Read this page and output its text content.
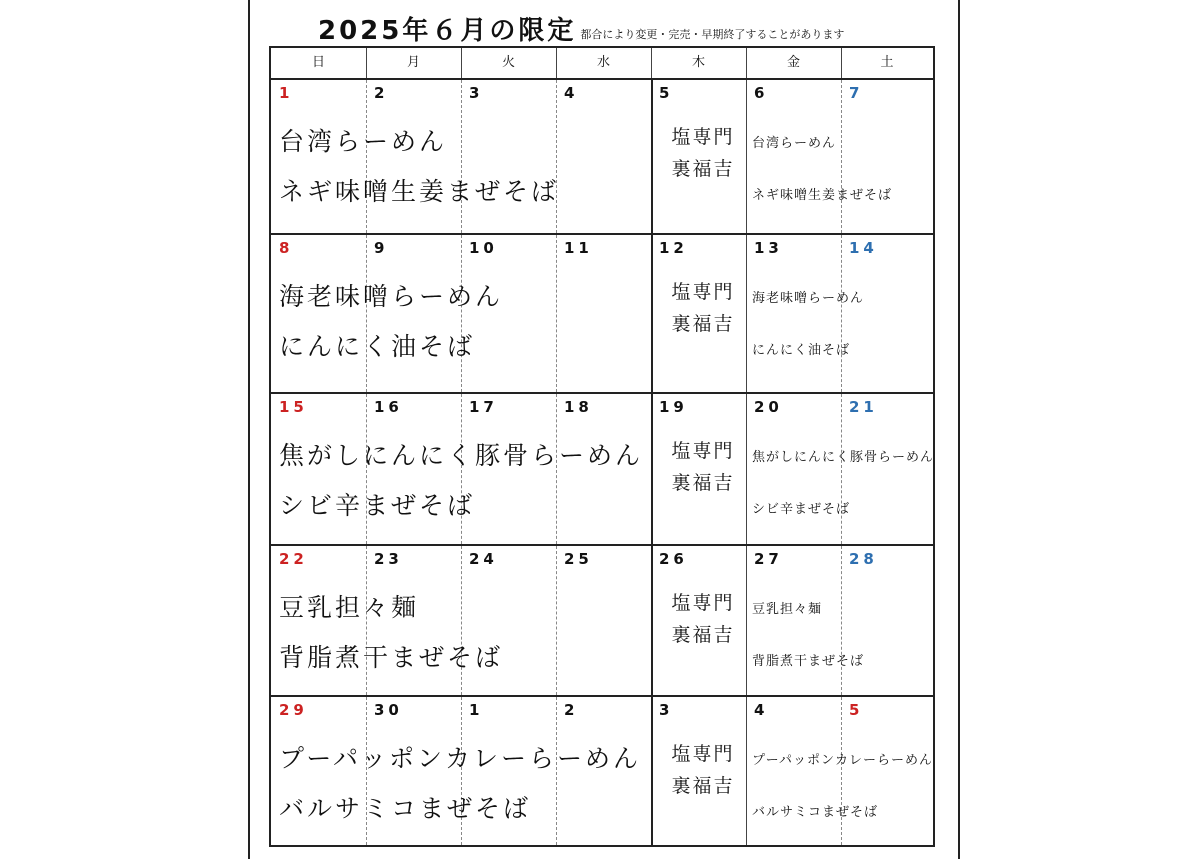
2025年６月の限定 都合により変更・完売・早期終了することがあります
日	月	火	水	木	金	土
1	2	3	4	5	6	7
台湾らーめん
ネギ味噌生姜まぜそば
塩専門
裏福吉
台湾らーめん
ネギ味噌生姜まぜそば
8	9	10	11	12	13	14
海老味噌らーめん
にんにく油そば
塩専門
裏福吉
海老味噌らーめん
にんにく油そば
15	16	17	18	19	20	21
焦がしにんにく豚骨らーめん
シビ辛まぜそば
塩専門
裏福吉
焦がしにんにく豚骨らーめん
シビ辛まぜそば
22	23	24	25	26	27	28
豆乳担々麺
背脂煮干まぜそば
塩専門
裏福吉
豆乳担々麺
背脂煮干まぜそば
29	30	1	2	3	4	5
プーパッポンカレーらーめん
バルサミコまぜそば
塩専門
裏福吉
プーパッポンカレーらーめん
バルサミコまぜそば
